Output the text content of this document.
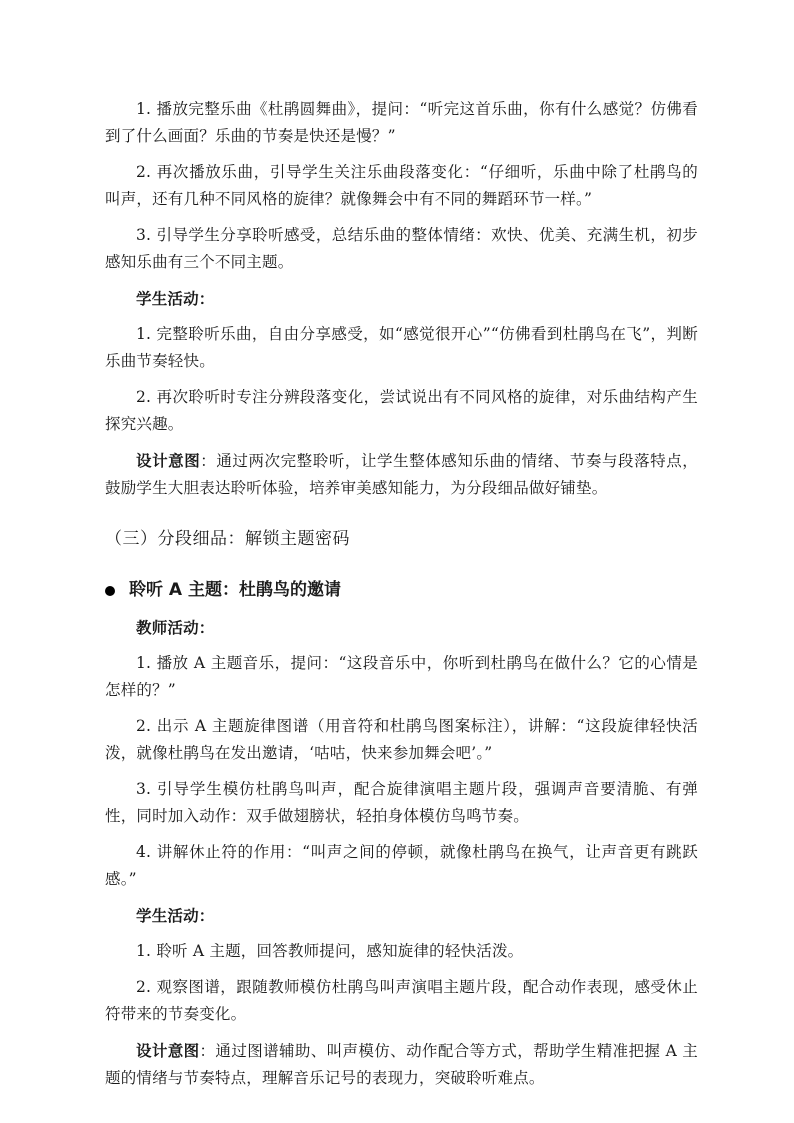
1. 播放完整乐曲《杜鹃圆舞曲》，提问：“听完这首乐曲，你有什么感觉？仿佛看到了什么画面？乐曲的节奏是快还是慢？”

2. 再次播放乐曲，引导学生关注乐曲段落变化：“仔细听，乐曲中除了杜鹃鸟的叫声，还有几种不同风格的旋律？就像舞会中有不同的舞蹈环节一样。”

3. 引导学生分享聆听感受，总结乐曲的整体情绪：欢快、优美、充满生机，初步感知乐曲有三个不同主题。

学生活动：

1. 完整聆听乐曲，自由分享感受，如“感觉很开心”“仿佛看到杜鹃鸟在飞”，判断乐曲节奏轻快。

2. 再次聆听时专注分辨段落变化，尝试说出有不同风格的旋律，对乐曲结构产生探究兴趣。

设计意图：通过两次完整聆听，让学生整体感知乐曲的情绪、节奏与段落特点，鼓励学生大胆表达聆听体验，培养审美感知能力，为分段细品做好铺垫。

（三）分段细品：解锁主题密码

聆听 A 主题：杜鹃鸟的邀请

教师活动：

1. 播放 A 主题音乐，提问：“这段音乐中，你听到杜鹃鸟在做什么？它的心情是怎样的？”

2. 出示 A 主题旋律图谱（用音符和杜鹃鸟图案标注），讲解：“这段旋律轻快活泼，就像杜鹃鸟在发出邀请，‘咕咕，快来参加舞会吧’。”

3. 引导学生模仿杜鹃鸟叫声，配合旋律演唱主题片段，强调声音要清脆、有弹性，同时加入动作：双手做翅膀状，轻拍身体模仿鸟鸣节奏。

4. 讲解休止符的作用：“叫声之间的停顿，就像杜鹃鸟在换气，让声音更有跳跃感。”

学生活动：

1. 聆听 A 主题，回答教师提问，感知旋律的轻快活泼。

2. 观察图谱，跟随教师模仿杜鹃鸟叫声演唱主题片段，配合动作表现，感受休止符带来的节奏变化。

设计意图：通过图谱辅助、叫声模仿、动作配合等方式，帮助学生精准把握 A 主题的情绪与节奏特点，理解音乐记号的表现力，突破聆听难点。
